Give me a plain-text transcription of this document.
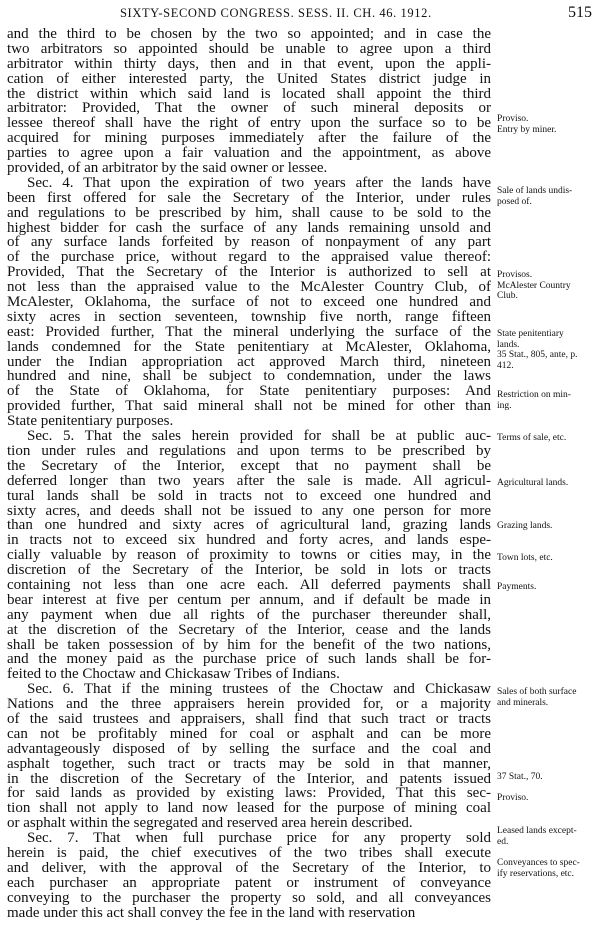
SIXTY-SECOND CONGRESS. SESS. II. CH. 46. 1912.	515
and the third to be chosen by the two so appointed; and in case the
two arbitrators so appointed should be unable to agree upon a third
arbitrator within thirty days, then and in that event, upon the appli-
cation of either interested party, the United States district judge in
the district within which said land is located shall appoint the third
arbitrator: Provided, That the owner of such mineral deposits or
lessee thereof shall have the right of entry upon the surface so to be
acquired for mining purposes immediately after the failure of the
parties to agree upon a fair valuation and the appointment, as above
provided, of an arbitrator by the said owner or lessee.
Sec. 4. That upon the expiration of two years after the lands have
been first offered for sale the Secretary of the Interior, under rules
and regulations to be prescribed by him, shall cause to be sold to the
highest bidder for cash the surface of any lands remaining unsold and
of any surface lands forfeited by reason of nonpayment of any part
of the purchase price, without regard to the appraised value thereof:
Provided, That the Secretary of the Interior is authorized to sell at
not less than the appraised value to the McAlester Country Club, of
McAlester, Oklahoma, the surface of not to exceed one hundred and
sixty acres in section seventeen, township five north, range fifteen
east: Provided further, That the mineral underlying the surface of the
lands condemned for the State penitentiary at McAlester, Oklahoma,
under the Indian appropriation act approved March third, nineteen
hundred and nine, shall be subject to condemnation, under the laws
of the State of Oklahoma, for State penitentiary purposes: And
provided further, That said mineral shall not be mined for other than
State penitentiary purposes.
Sec. 5. That the sales herein provided for shall be at public auc-
tion under rules and regulations and upon terms to be prescribed by
the Secretary of the Interior, except that no payment shall be
deferred longer than two years after the sale is made. All agricul-
tural lands shall be sold in tracts not to exceed one hundred and
sixty acres, and deeds shall not be issued to any one person for more
than one hundred and sixty acres of agricultural land, grazing lands
in tracts not to exceed six hundred and forty acres, and lands espe-
cially valuable by reason of proximity to towns or cities may, in the
discretion of the Secretary of the Interior, be sold in lots or tracts
containing not less than one acre each. All deferred payments shall
bear interest at five per centum per annum, and if default be made in
any payment when due all rights of the purchaser thereunder shall,
at the discretion of the Secretary of the Interior, cease and the lands
shall be taken possession of by him for the benefit of the two nations,
and the money paid as the purchase price of such lands shall be for-
feited to the Choctaw and Chickasaw Tribes of Indians.
Sec. 6. That if the mining trustees of the Choctaw and Chickasaw
Nations and the three appraisers herein provided for, or a majority
of the said trustees and appraisers, shall find that such tract or tracts
can not be profitably mined for coal or asphalt and can be more
advantageously disposed of by selling the surface and the coal and
asphalt together, such tract or tracts may be sold in that manner,
in the discretion of the Secretary of the Interior, and patents issued
for said lands as provided by existing laws: Provided, That this sec-
tion shall not apply to land now leased for the purpose of mining coal
or asphalt within the segregated and reserved area herein described.
Sec. 7. That when full purchase price for any property sold
herein is paid, the chief executives of the two tribes shall execute
and deliver, with the approval of the Secretary of the Interior, to
each purchaser an appropriate patent or instrument of conveyance
conveying to the purchaser the property so sold, and all conveyances
made under this act shall convey the fee in the land with reservation
Proviso.
Entry by miner.
Sale of lands undis-
posed of.
Provisos.
McAlester Country
Club.
State penitentiary
lands.
35 Stat., 805, ante, p.
412.
Restriction on min-
ing.
Terms of sale, etc.
Agricultural lands.
Grazing lands.
Town lots, etc.
Payments.
Sales of both surface
and minerals.
37 Stat., 70.
Proviso.
Leased lands except-
ed.
Conveyances to spec-
ify reservations, etc.
